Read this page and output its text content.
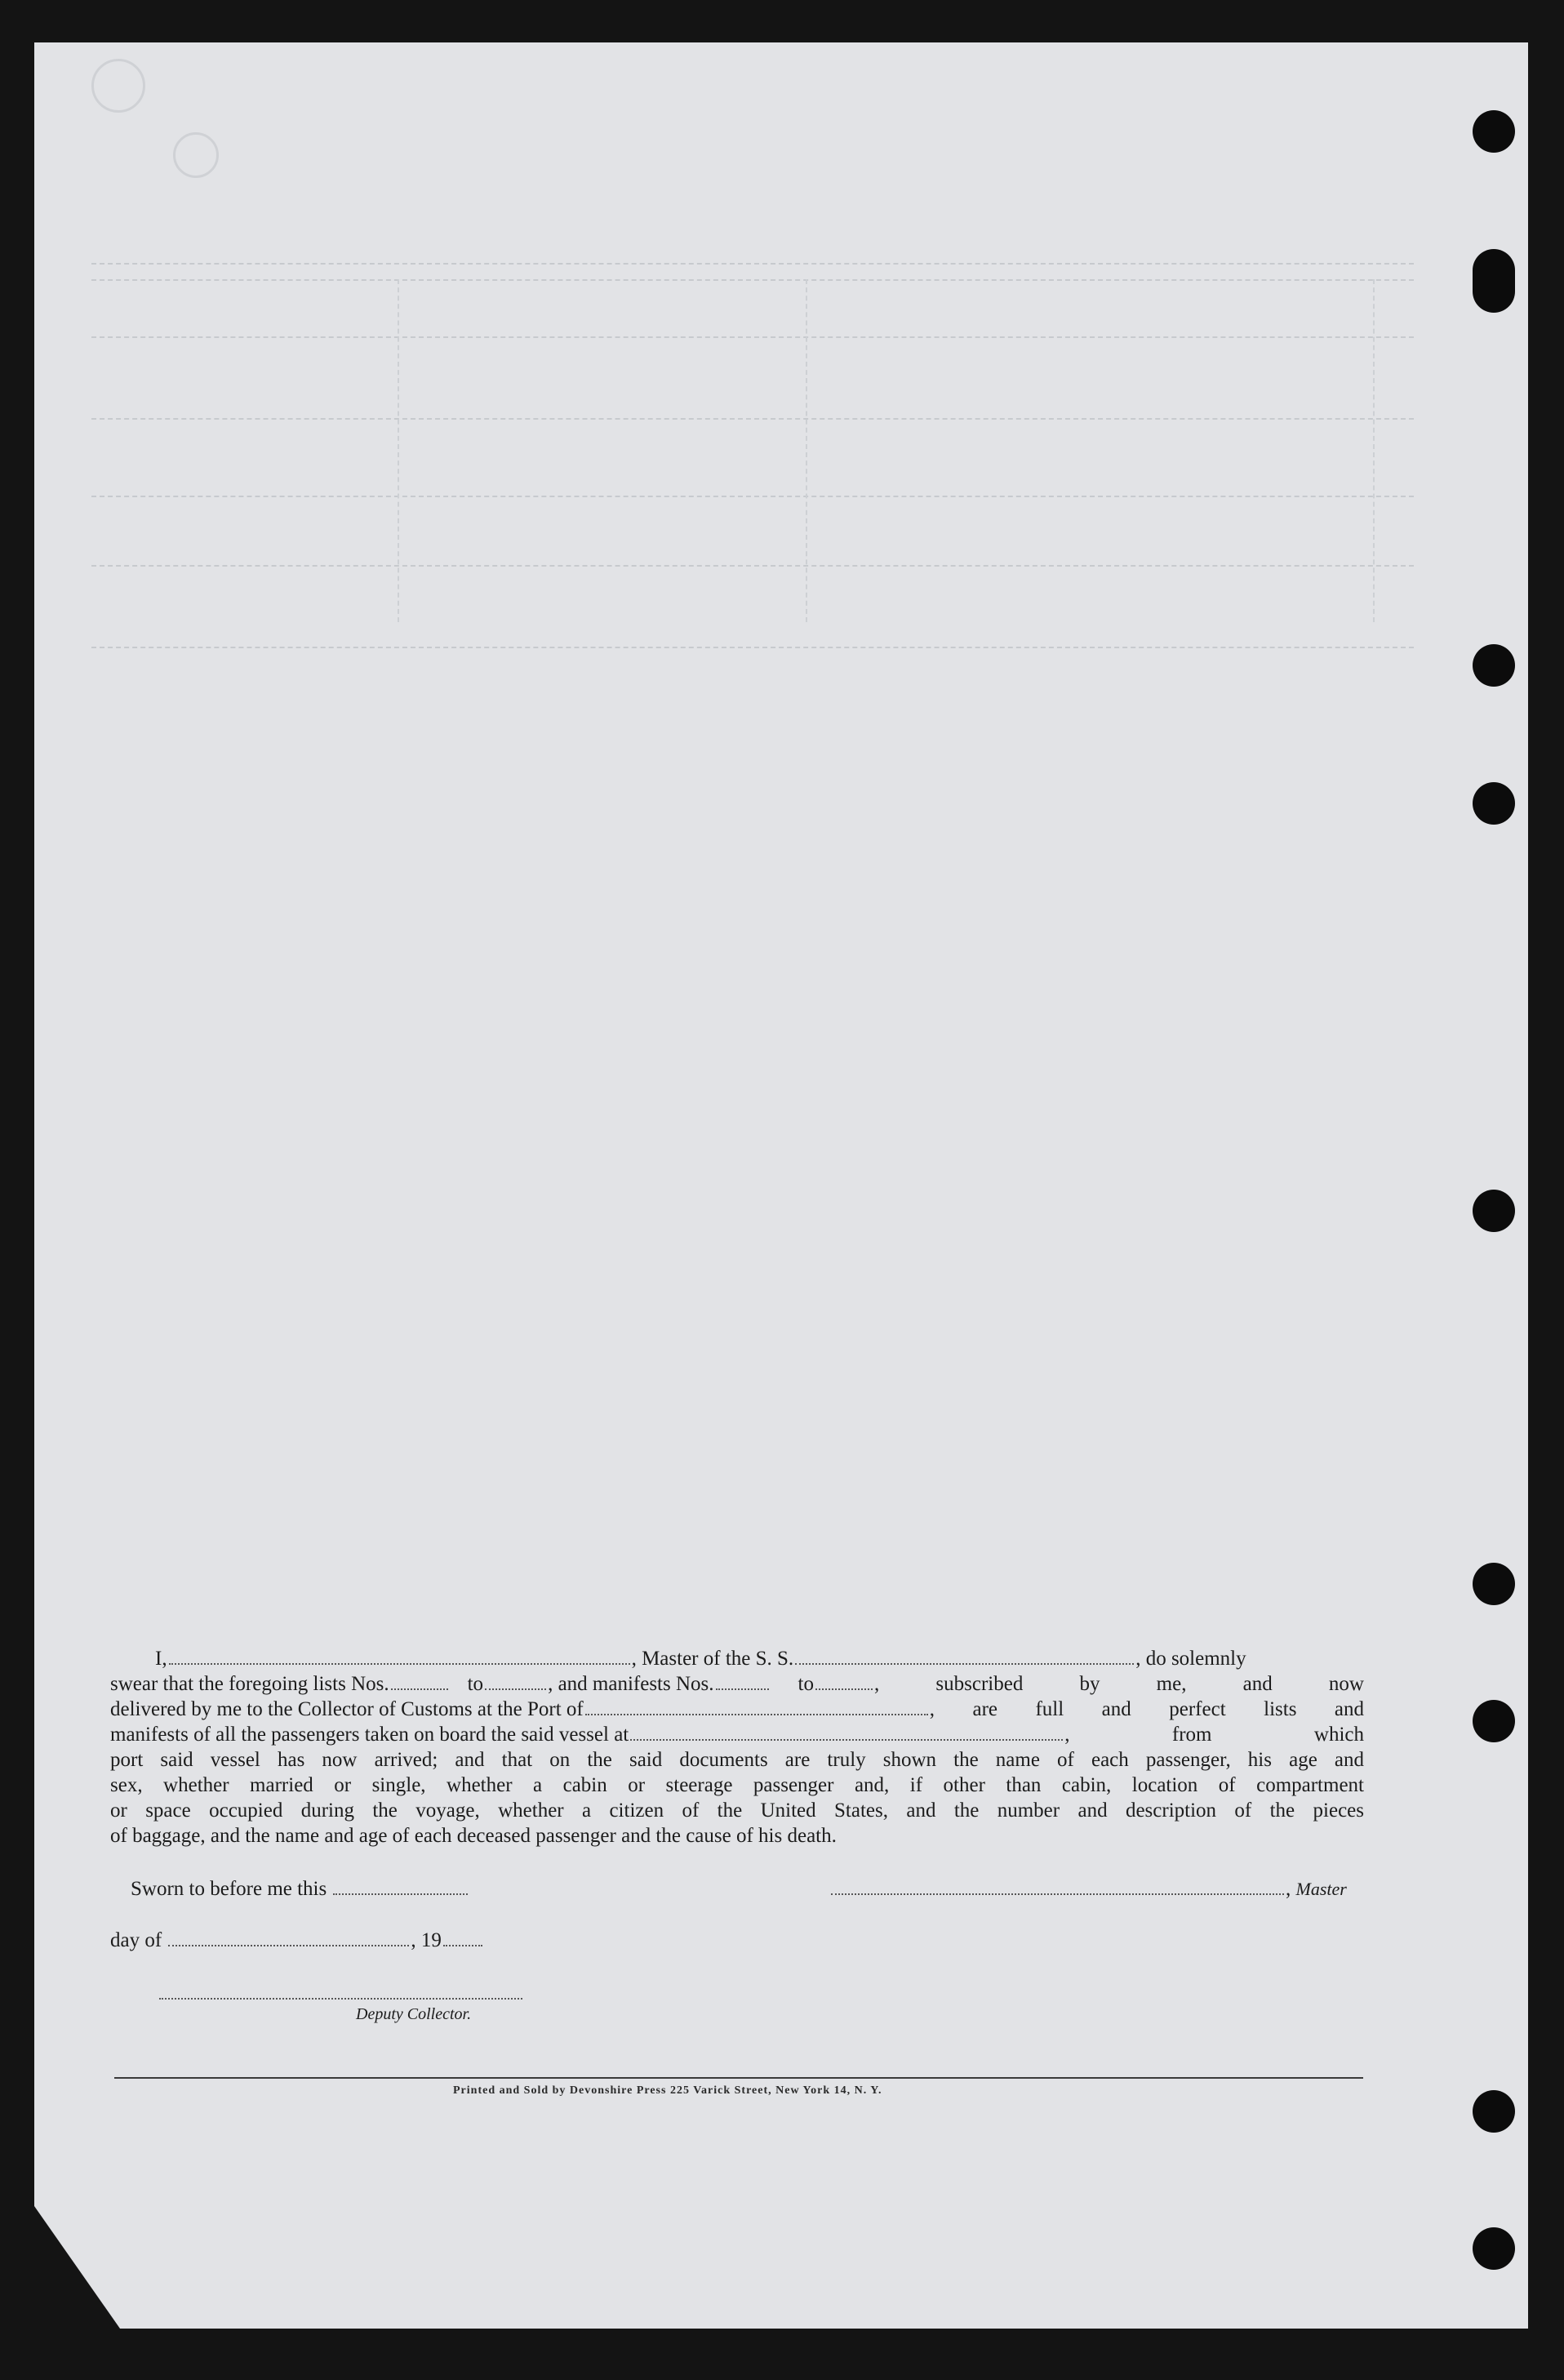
I,	, Master of the S. S.	, do solemnly
swear that the foregoing lists Nos.	to	, and manifests Nos.	to	, subscribed by me, and now
delivered by me to the Collector of Customs at the Port of	, are full and perfect lists and
manifests of all the passengers taken on board the said vessel at	, from which
port said vessel has now arrived; and that on the said documents are truly shown the name of each passenger, his age and
sex, whether married or single, whether a cabin or steerage passenger and, if other than cabin, location of compartment
or space occupied during the voyage, whether a citizen of the United States, and the number and description of the pieces
of baggage, and the name and age of each deceased passenger and the cause of his death.
Sworn to before me this	, Master
day of	, 19
Deputy Collector.
Printed and Sold by Devonshire Press 225 Varick Street, New York 14, N. Y.
